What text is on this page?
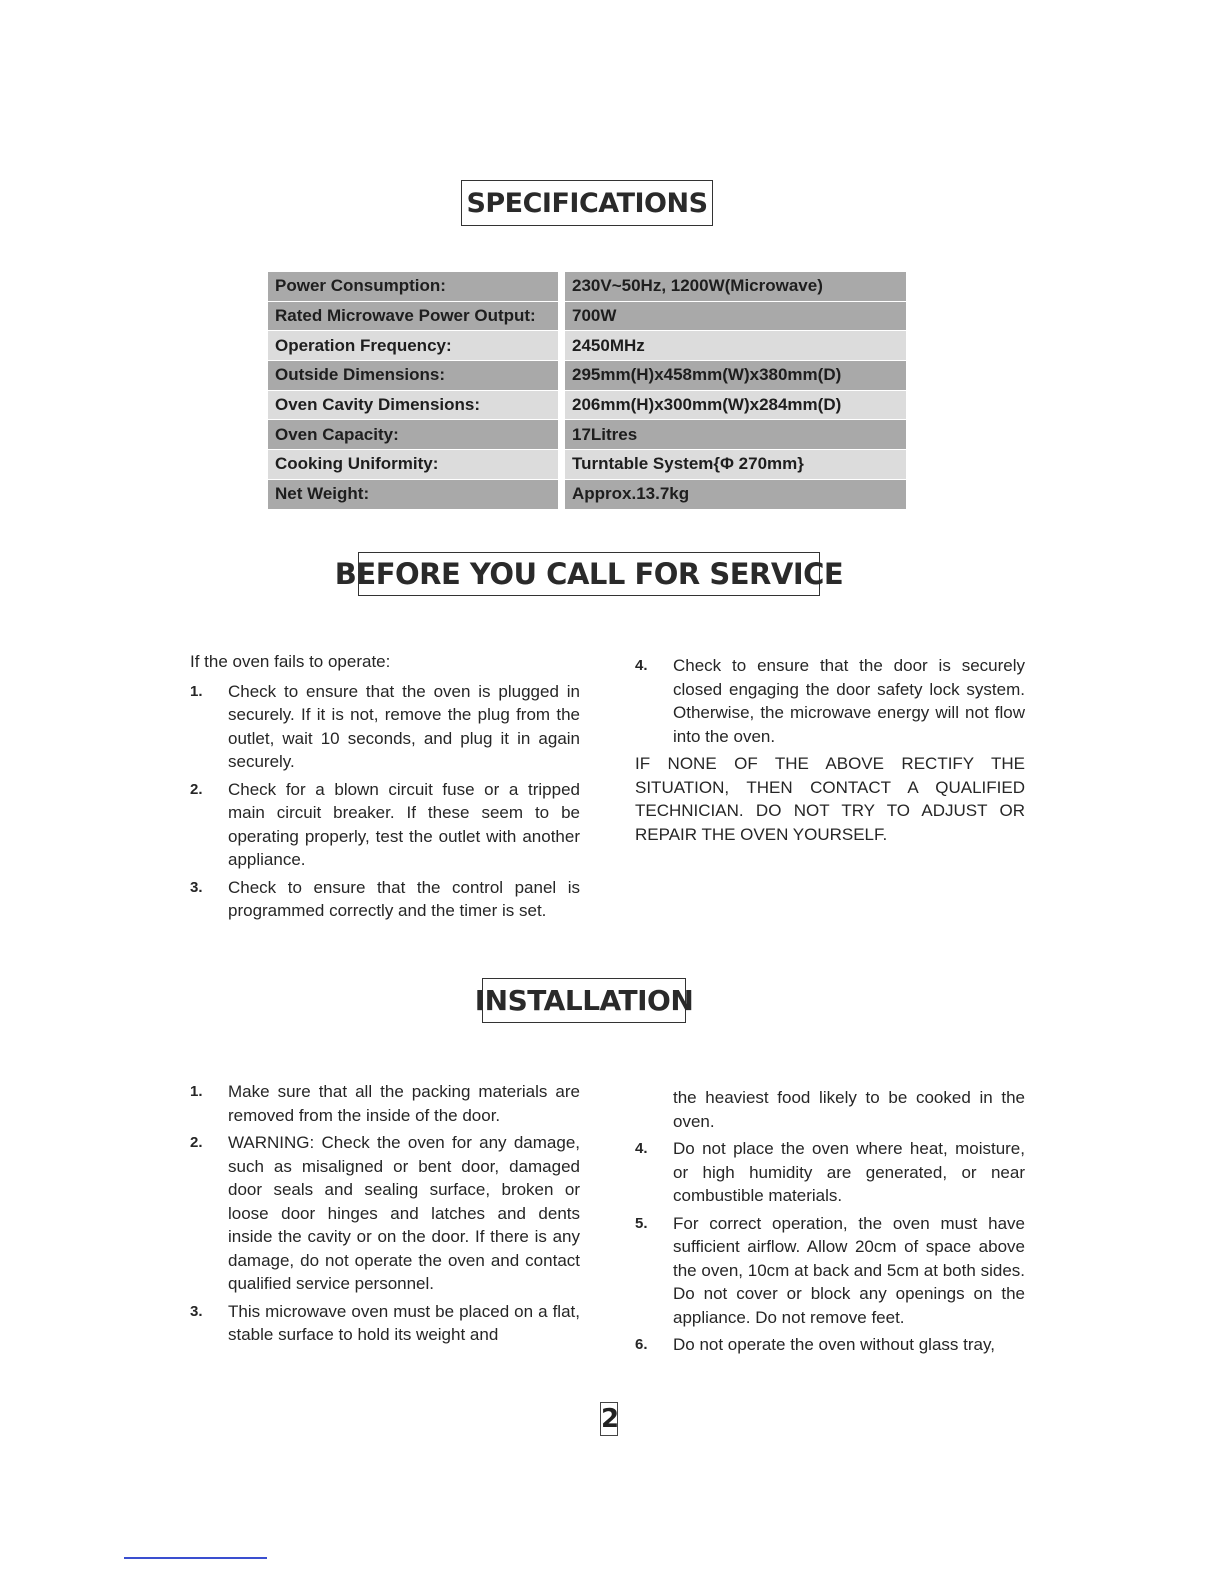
SPECIFICATIONS
Power Consumption:	230V~50Hz, 1200W(Microwave)
Rated Microwave Power Output:	700W
Operation Frequency:	2450MHz
Outside Dimensions:	295mm(H)x458mm(W)x380mm(D)
Oven Cavity Dimensions:	206mm(H)x300mm(W)x284mm(D)
Oven Capacity:	17Litres
Cooking Uniformity:	Turntable System{Φ 270mm}
Net Weight:	Approx.13.7kg
BEFORE YOU CALL FOR SERVICE

If the oven fails to operate:

1. Check to ensure that the oven is plugged in securely. If it is not, remove the plug from the outlet, wait 10 seconds, and plug it in again securely.
2. Check for a blown circuit fuse or a tripped main circuit breaker. If these seem to be operating properly, test the outlet with another appliance.
3. Check to ensure that the control panel is programmed correctly and the timer is set.
4. Check to ensure that the door is securely closed engaging the door safety lock system. Otherwise, the microwave energy will not flow into the oven.

IF NONE OF THE ABOVE RECTIFY THE SITUATION, THEN CONTACT A QUALIFIED TECHNICIAN. DO NOT TRY TO ADJUST OR REPAIR THE OVEN YOURSELF.

INSTALLATION
1. Make sure that all the packing materials are removed from the inside of the door.
2. WARNING: Check the oven for any damage, such as misaligned or bent door, damaged door seals and sealing surface, broken or loose door hinges and latches and dents inside the cavity or on the door. If there is any damage, do not operate the oven and contact qualified service personnel.
3. This microwave oven must be placed on a flat, stable surface to hold its weight and
the heaviest food likely to be cooked in the oven.
4. Do not place the oven where heat, moisture, or high humidity are generated, or near combustible materials.
5. For correct operation, the oven must have sufficient airflow. Allow 20cm of space above the oven, 10cm at back and 5cm at both sides. Do not cover or block any openings on the appliance. Do not remove feet.
6. Do not operate the oven without glass tray,
2
